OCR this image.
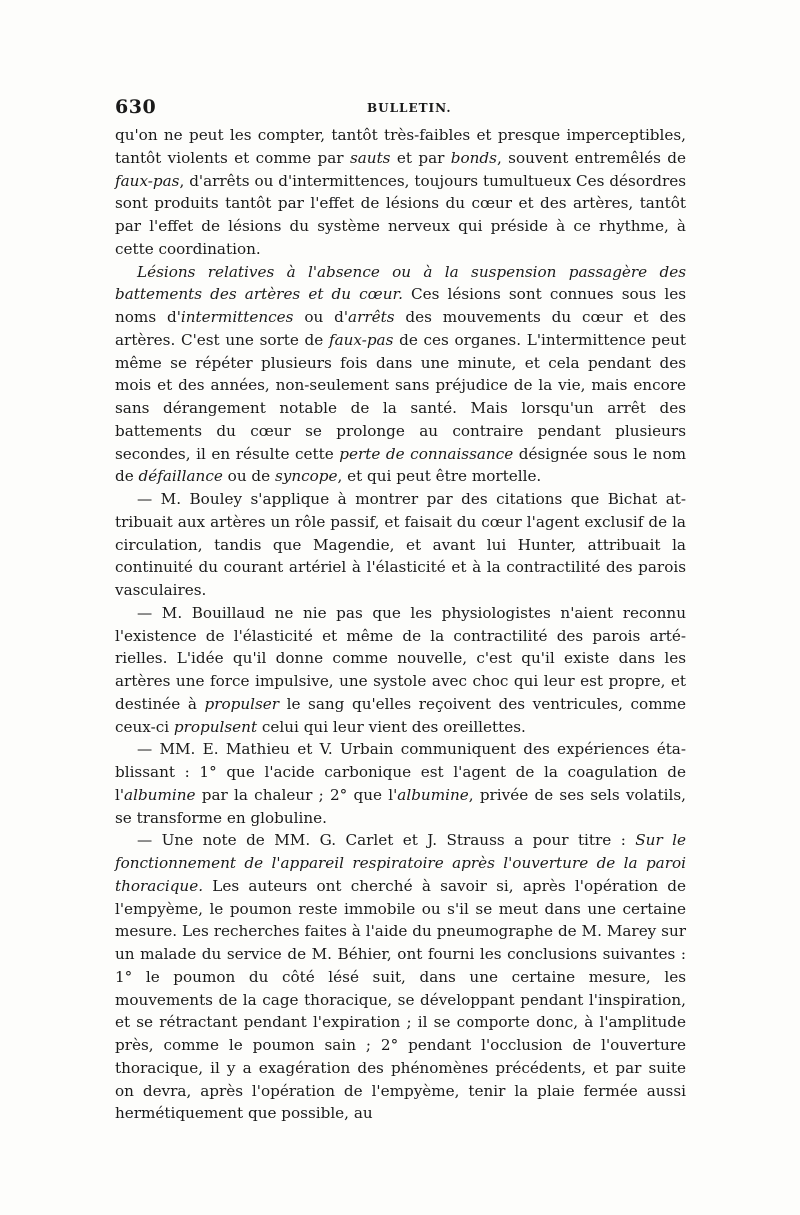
630	BULLETIN.

qu'on ne peut les compter, tantôt très-faibles et presque imperceptibles, tantôt violents et comme par sauts et par bonds, souvent entremêlés de faux-pas, d'arrêts ou d'intermittences, toujours tumultueux Ces désordres sont produits tantôt par l'effet de lésions du cœur et des artères, tantôt par l'effet de lésions du système nerveux qui préside à ce rhythme, à cette coordination.

Lésions relatives à l'absence ou à la suspension passagère des battements des artères et du cœur. Ces lésions sont connues sous les noms d'intermittences ou d'arrêts des mouvements du cœur et des artères. C'est une sorte de faux-pas de ces organes. L'intermittence peut même se répéter plusieurs fois dans une minute, et cela pendant des mois et des années, non-seulement sans préjudice de la vie, mais encore sans dérangement notable de la santé. Mais lorsqu'un arrêt des battements du cœur se prolonge au contraire pendant plusieurs secondes, il en résulte cette perte de connaissance désignée sous le nom de défaillance ou de syncope, et qui peut être mortelle.

— M. Bouley s'applique à montrer par des citations que Bichat attribuait aux artères un rôle passif, et faisait du cœur l'agent exclusif de la circulation, tandis que Magendie, et avant lui Hunter, attribuait la continuité du courant artériel à l'élasticité et à la contractilité des parois vasculaires.

— M. Bouillaud ne nie pas que les physiologistes n'aient reconnu l'existence de l'élasticité et même de la contractilité des parois artérielles. L'idée qu'il donne comme nouvelle, c'est qu'il existe dans les artères une force impulsive, une systole avec choc qui leur est propre, et destinée à propulser le sang qu'elles reçoivent des ventricules, comme ceux-ci propulsent celui qui leur vient des oreillettes.

— MM. E. Mathieu et V. Urbain communiquent des expériences établissant : 1° que l'acide carbonique est l'agent de la coagulation de l'albumine par la chaleur ; 2° que l'albumine, privée de ses sels volatils, se transforme en globuline.

— Une note de MM. G. Carlet et J. Strauss a pour titre : Sur le fonctionnement de l'appareil respiratoire après l'ouverture de la paroi thoracique. Les auteurs ont cherché à savoir si, après l'opération de l'empyème, le poumon reste immobile ou s'il se meut dans une certaine mesure. Les recherches faites à l'aide du pneumographe de M. Marey sur un malade du service de M. Béhier, ont fourni les conclusions suivantes : 1° le poumon du côté lésé suit, dans une certaine mesure, les mouvements de la cage thoracique, se développant pendant l'inspiration, et se rétractant pendant l'expiration ; il se comporte donc, à l'amplitude près, comme le poumon sain ; 2° pendant l'occlusion de l'ouverture thoracique, il y a exagération des phénomènes précédents, et par suite on devra, après l'opération de l'empyème, tenir la plaie fermée aussi hermétiquement que possible, au
